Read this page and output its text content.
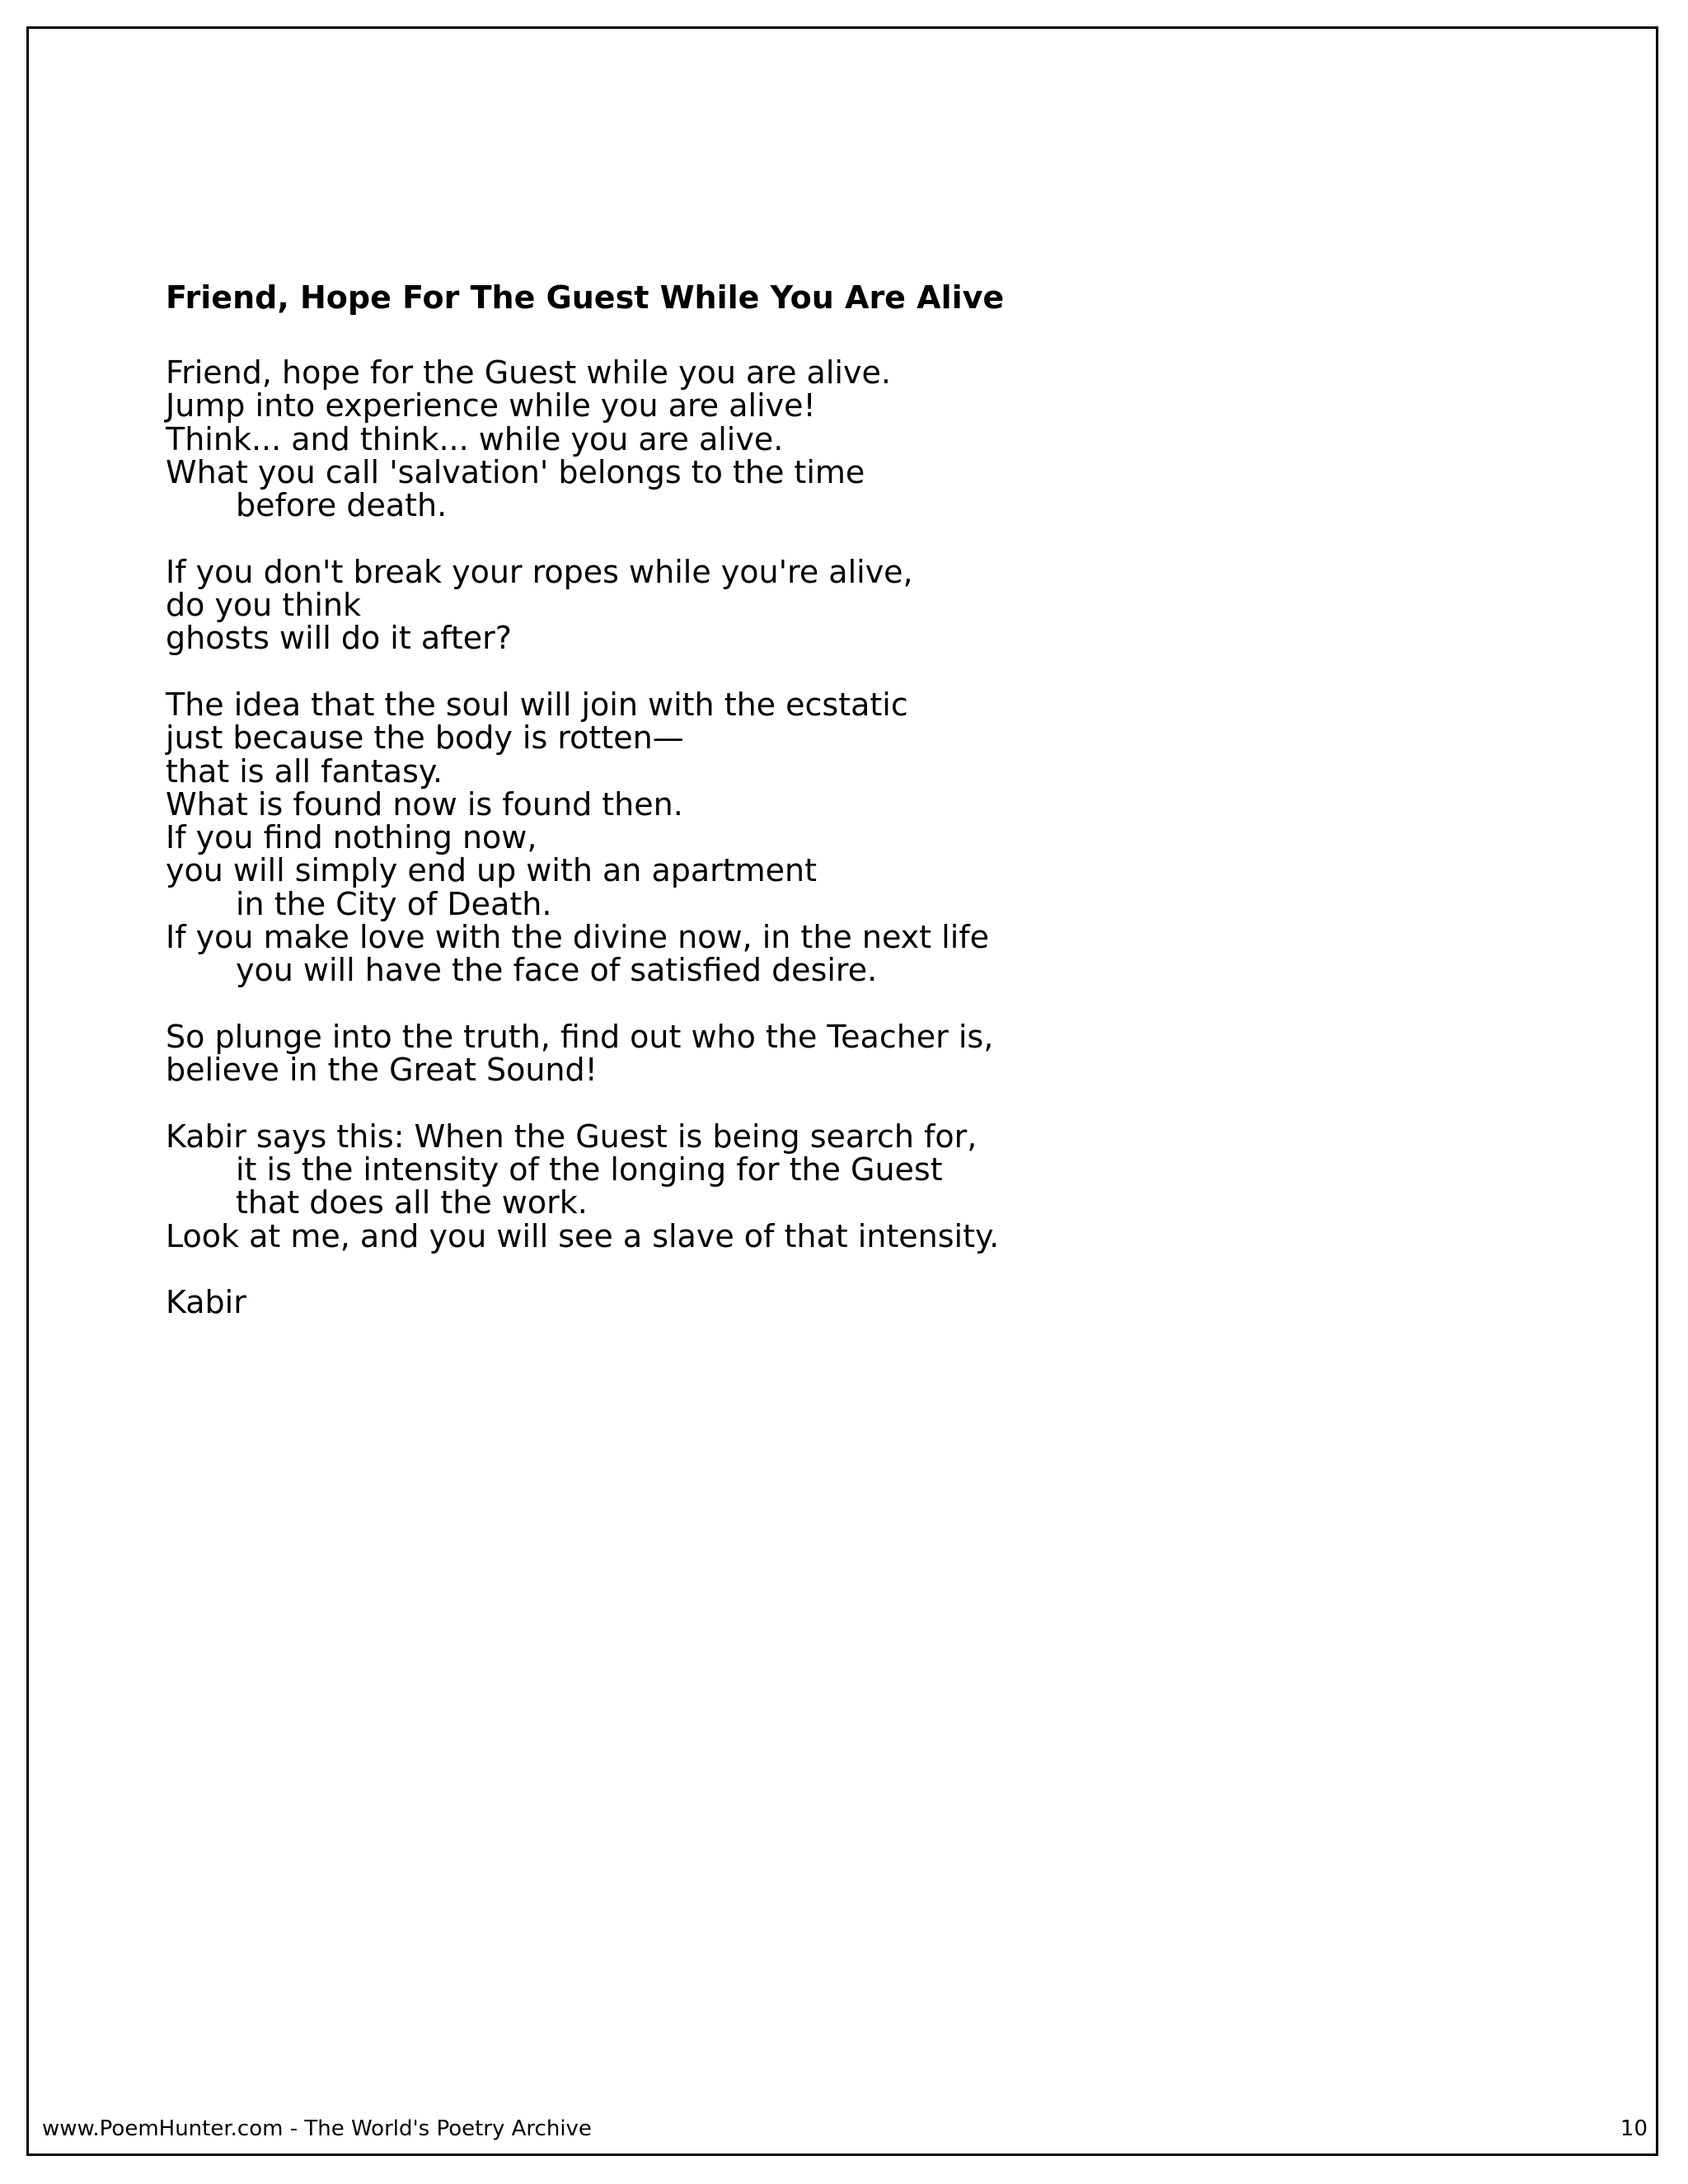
Friend, Hope For The Guest While You Are Alive
Friend, hope for the Guest while you are alive.
Jump into experience while you are alive!
Think... and think... while you are alive.
What you call 'salvation' belongs to the time
before death.
If you don't break your ropes while you're alive,
do you think
ghosts will do it after?
The idea that the soul will join with the ecstatic
just because the body is rotten—
that is all fantasy.
What is found now is found then.
If you find nothing now,
you will simply end up with an apartment
in the City of Death.
If you make love with the divine now, in the next life
you will have the face of satisfied desire.
So plunge into the truth, find out who the Teacher is,
believe in the Great Sound!
Kabir says this: When the Guest is being search for,
it is the intensity of the longing for the Guest
that does all the work.
Look at me, and you will see a slave of that intensity.
Kabir
www.PoemHunter.com - The World's Poetry Archive	10
